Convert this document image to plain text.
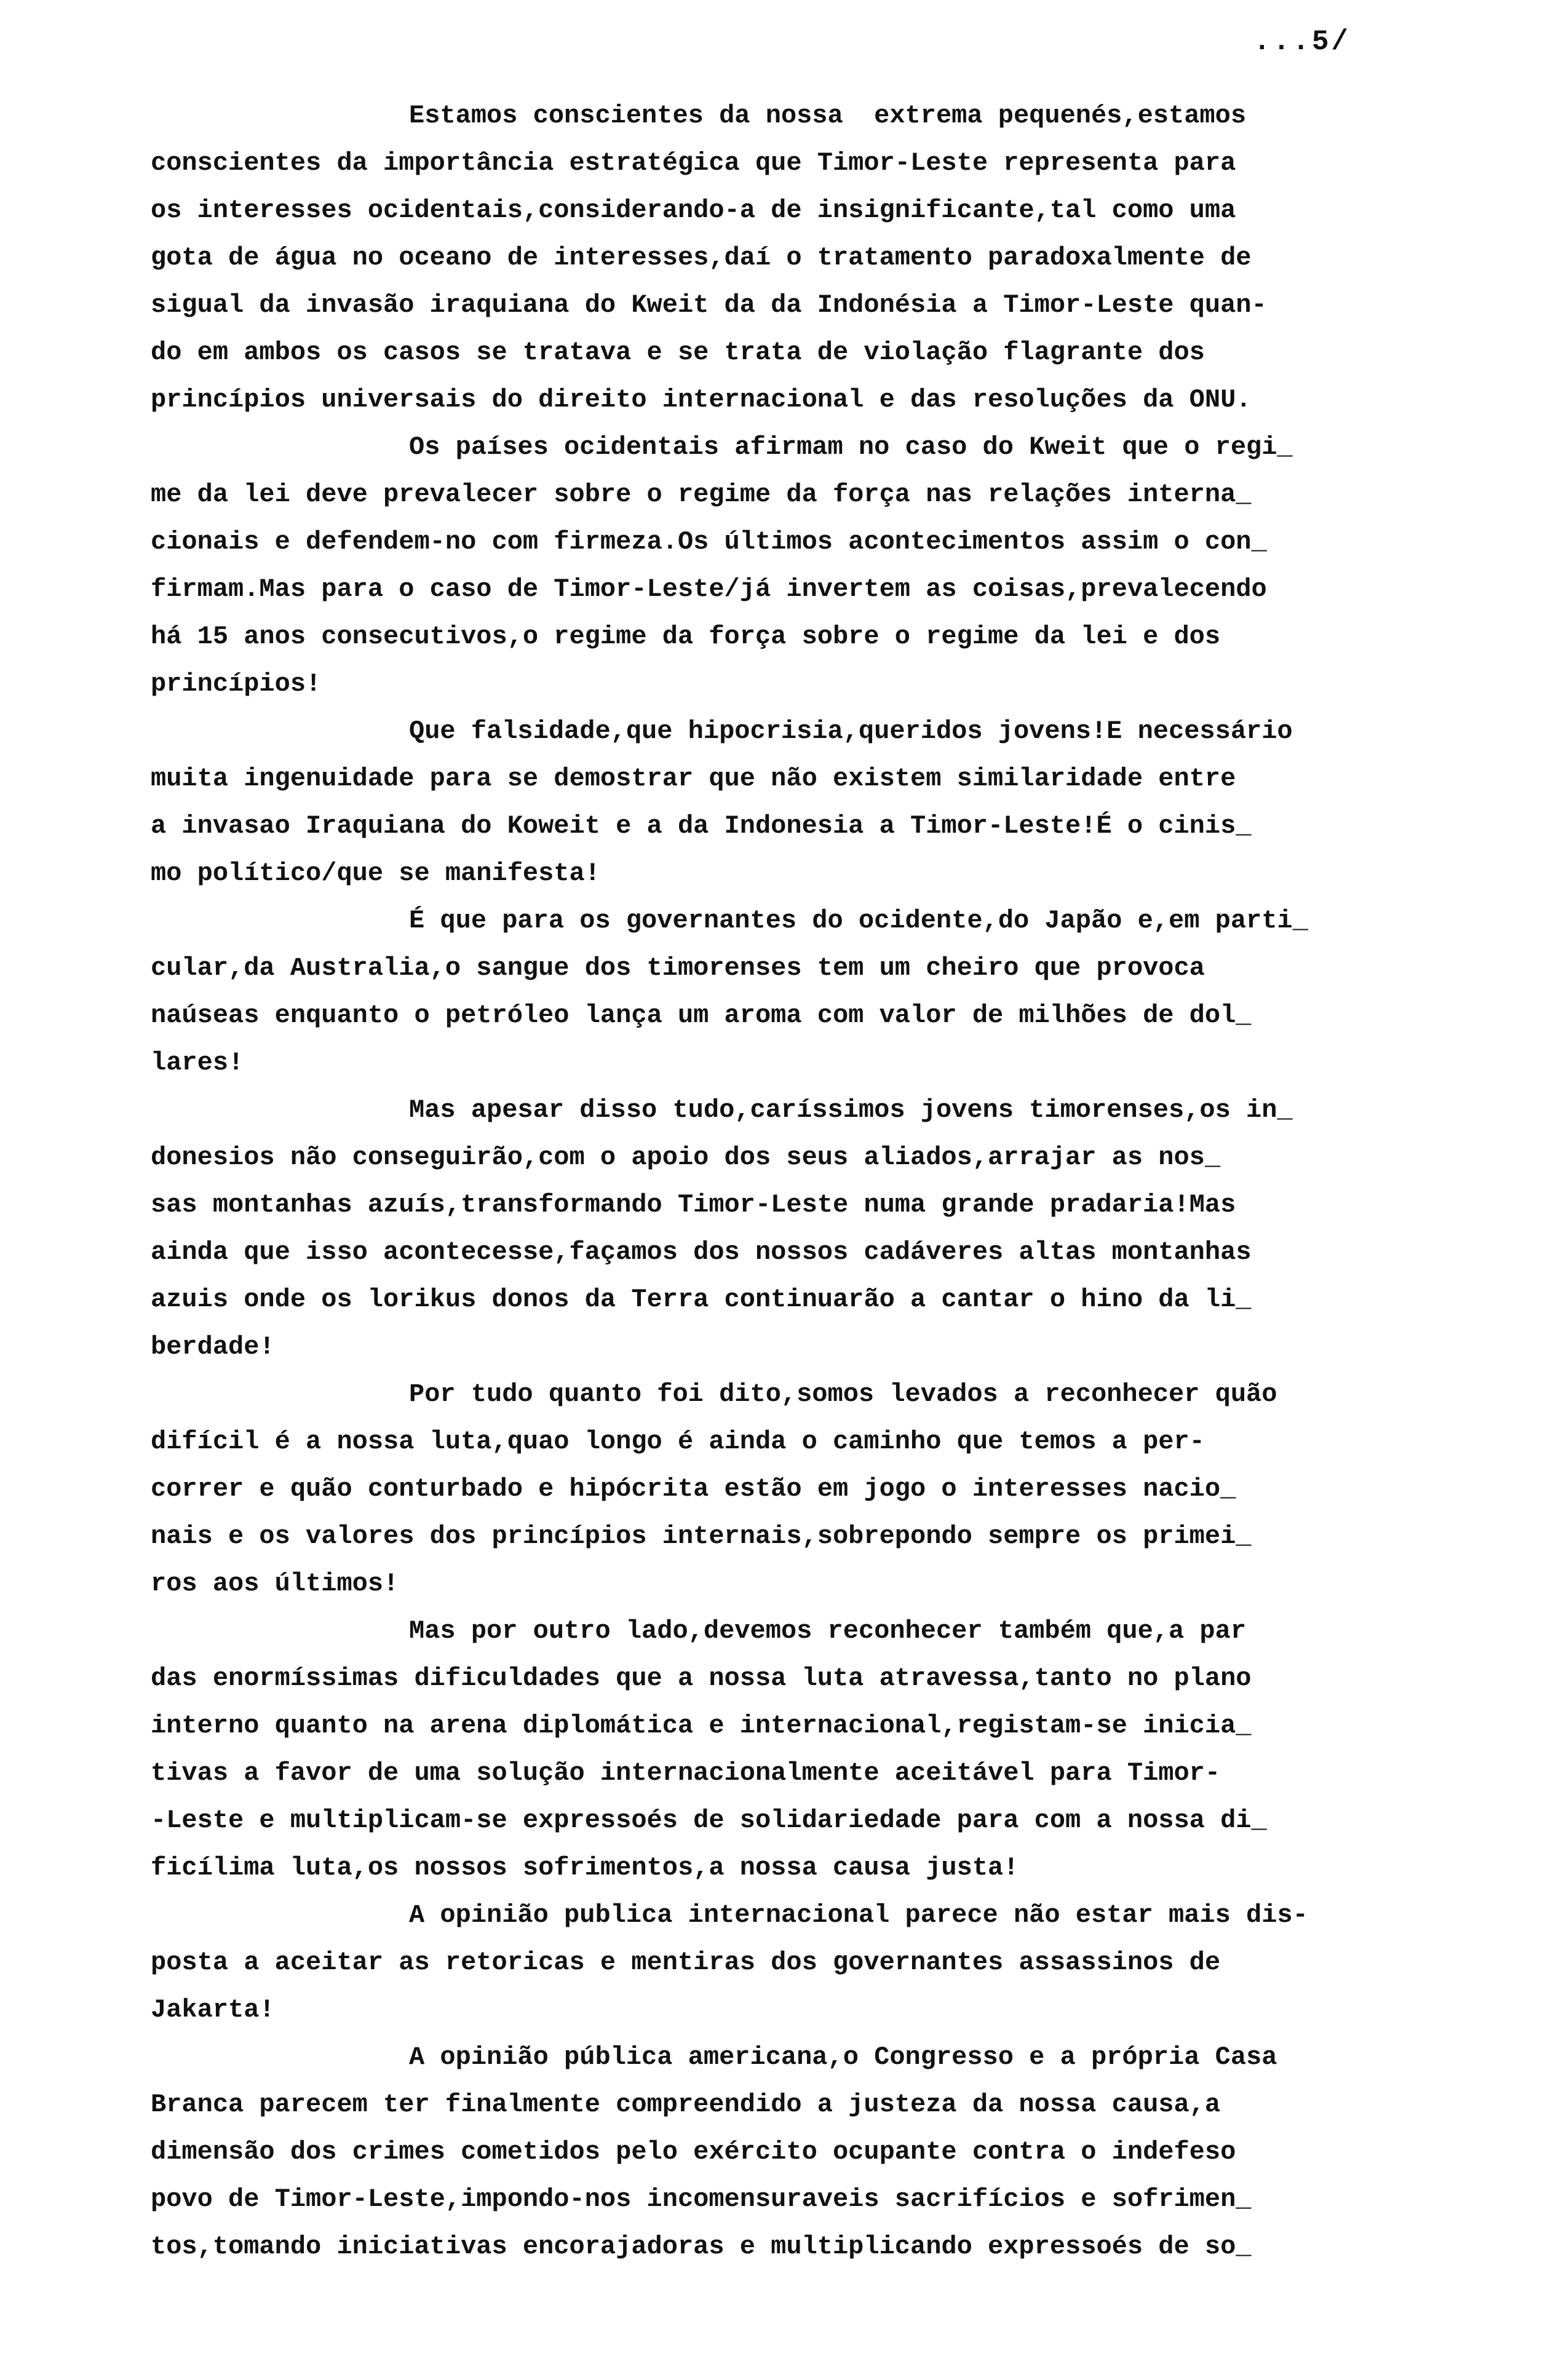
...5/
Estamos conscientes da nossa  extrema pequenés,estamos
conscientes da importância estratégica que Timor-Leste representa para
os interesses ocidentais,considerando-a de insignificante,tal como uma
gota de água no oceano de interesses,daí o tratamento paradoxalmente de
sigual da invasão iraquiana do Kweit da da Indonésia a Timor-Leste quan-
do em ambos os casos se tratava e se trata de violação flagrante dos
princípios universais do direito internacional e das resoluções da ONU.
Os países ocidentais afirmam no caso do Kweit que o regi_
me da lei deve prevalecer sobre o regime da força nas relações interna_
cionais e defendem-no com firmeza.Os últimos acontecimentos assim o con_
firmam.Mas para o caso de Timor-Leste/já invertem as coisas,prevalecendo
há 15 anos consecutivos,o regime da força sobre o regime da lei e dos
princípios!
Que falsidade,que hipocrisia,queridos jovens!E necessário
muita ingenuidade para se demostrar que não existem similaridade entre
a invasao Iraquiana do Koweit e a da Indonesia a Timor-Leste!É o cinis_
mo político/que se manifesta!
É que para os governantes do ocidente,do Japão e,em parti_
cular,da Australia,o sangue dos timorenses tem um cheiro que provoca
naúseas enquanto o petróleo lança um aroma com valor de milhões de dol_
lares!
Mas apesar disso tudo,caríssimos jovens timorenses,os in_
donesios não conseguirão,com o apoio dos seus aliados,arrajar as nos_
sas montanhas azuís,transformando Timor-Leste numa grande pradaria!Mas
ainda que isso acontecesse,façamos dos nossos cadáveres altas montanhas
azuis onde os lorikus donos da Terra continuarão a cantar o hino da li_
berdade!
Por tudo quanto foi dito,somos levados a reconhecer quão
difícil é a nossa luta,quao longo é ainda o caminho que temos a per-
correr e quão conturbado e hipócrita estão em jogo o interesses nacio_
nais e os valores dos princípios internais,sobrepondo sempre os primei_
ros aos últimos!
Mas por outro lado,devemos reconhecer também que,a par
das enormíssimas dificuldades que a nossa luta atravessa,tanto no plano
interno quanto na arena diplomática e internacional,registam-se inicia_
tivas a favor de uma solução internacionalmente aceitável para Timor-
-Leste e multiplicam-se expressoés de solidariedade para com a nossa di_
ficílima luta,os nossos sofrimentos,a nossa causa justa!
A opinião publica internacional parece não estar mais dis-
posta a aceitar as retoricas e mentiras dos governantes assassinos de
Jakarta!
A opinião pública americana,o Congresso e a própria Casa
Branca parecem ter finalmente compreendido a justeza da nossa causa,a
dimensão dos crimes cometidos pelo exército ocupante contra o indefeso
povo de Timor-Leste,impondo-nos incomensuraveis sacrifícios e sofrimen_
tos,tomando iniciativas encorajadoras e multiplicando expressoés de so_
